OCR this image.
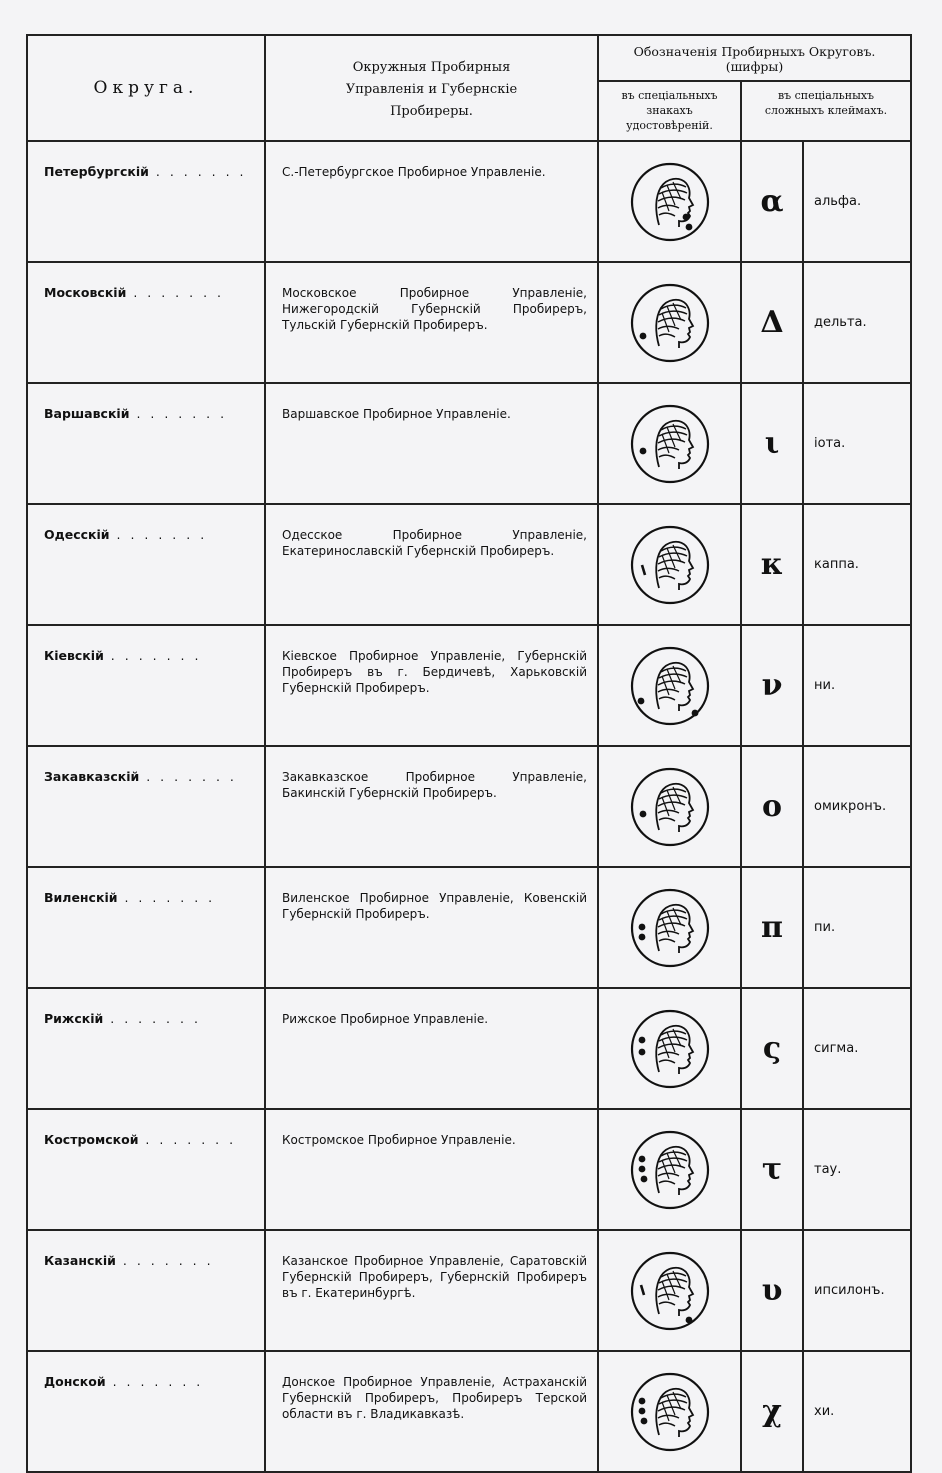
Округа.	Окружныя Пробирныя Управленія и Губернскіе Пробиреры.	Обозначенія Пробирныхъ Округовъ. (шифры)		

		въ спеціальныхъ знакахъ удостовѣреній.	въ спеціальныхъ сложныхъ клеймахъ.	

Петербургскій . . . . . . .	С.-Петербургское Пробирное Управленіе.		α	альфа.
Московскій . . . . . . .	Московское Пробирное Управленіе, Нижегородскій Губернскій Пробиреръ, Тульскій Губернскій Пробиреръ.		Δ	дельта.
Варшавскій . . . . . . .	Варшавское Пробирное Управленіе.		ι	іота.
Одесскій . . . . . . .	Одесское Пробирное Управленіе, Екатеринославскій Губернскій Пробиреръ.		κ	каппа.
Кіевскій . . . . . . .	Кіевское Пробирное Управленіе, Губернскій Пробиреръ въ г. Бердичевѣ, Харьковскій Губернскій Пробиреръ.		ν	ни.
Закавказскій . . . . . . .	Закавказское Пробирное Управленіе, Бакинскій Губернскій Пробиреръ.		ο	омикронъ.
Виленскій . . . . . . .	Виленское Пробирное Управленіе, Ковенскій Губернскій Пробиреръ.		π	пи.
Рижскій . . . . . . .	Рижское Пробирное Управленіе.		ς	сигма.
Костромской . . . . . . .	Костромское Пробирное Управленіе.		τ	тау.
Казанскій . . . . . . .	Казанское Пробирное Управленіе, Саратовскій Губернскій Пробиреръ, Губернскій Пробиреръ въ г. Екатеринбургѣ.		υ	ипсилонъ.
Донской . . . . . . .	Донское Пробирное Управленіе, Астраханскій Губернскій Пробиреръ, Пробиреръ Терской области въ г. Владикавказѣ.		χ	хи.
